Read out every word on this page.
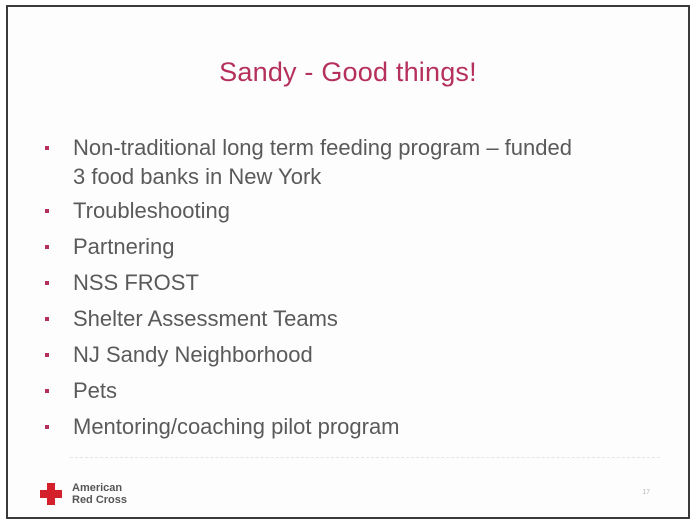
Sandy - Good things!
Non-traditional long term feeding program – funded
3 food banks in New York
Troubleshooting
Partnering
NSS FROST
Shelter Assessment Teams
NJ Sandy Neighborhood
Pets
Mentoring/coaching pilot program
American
Red Cross
17
